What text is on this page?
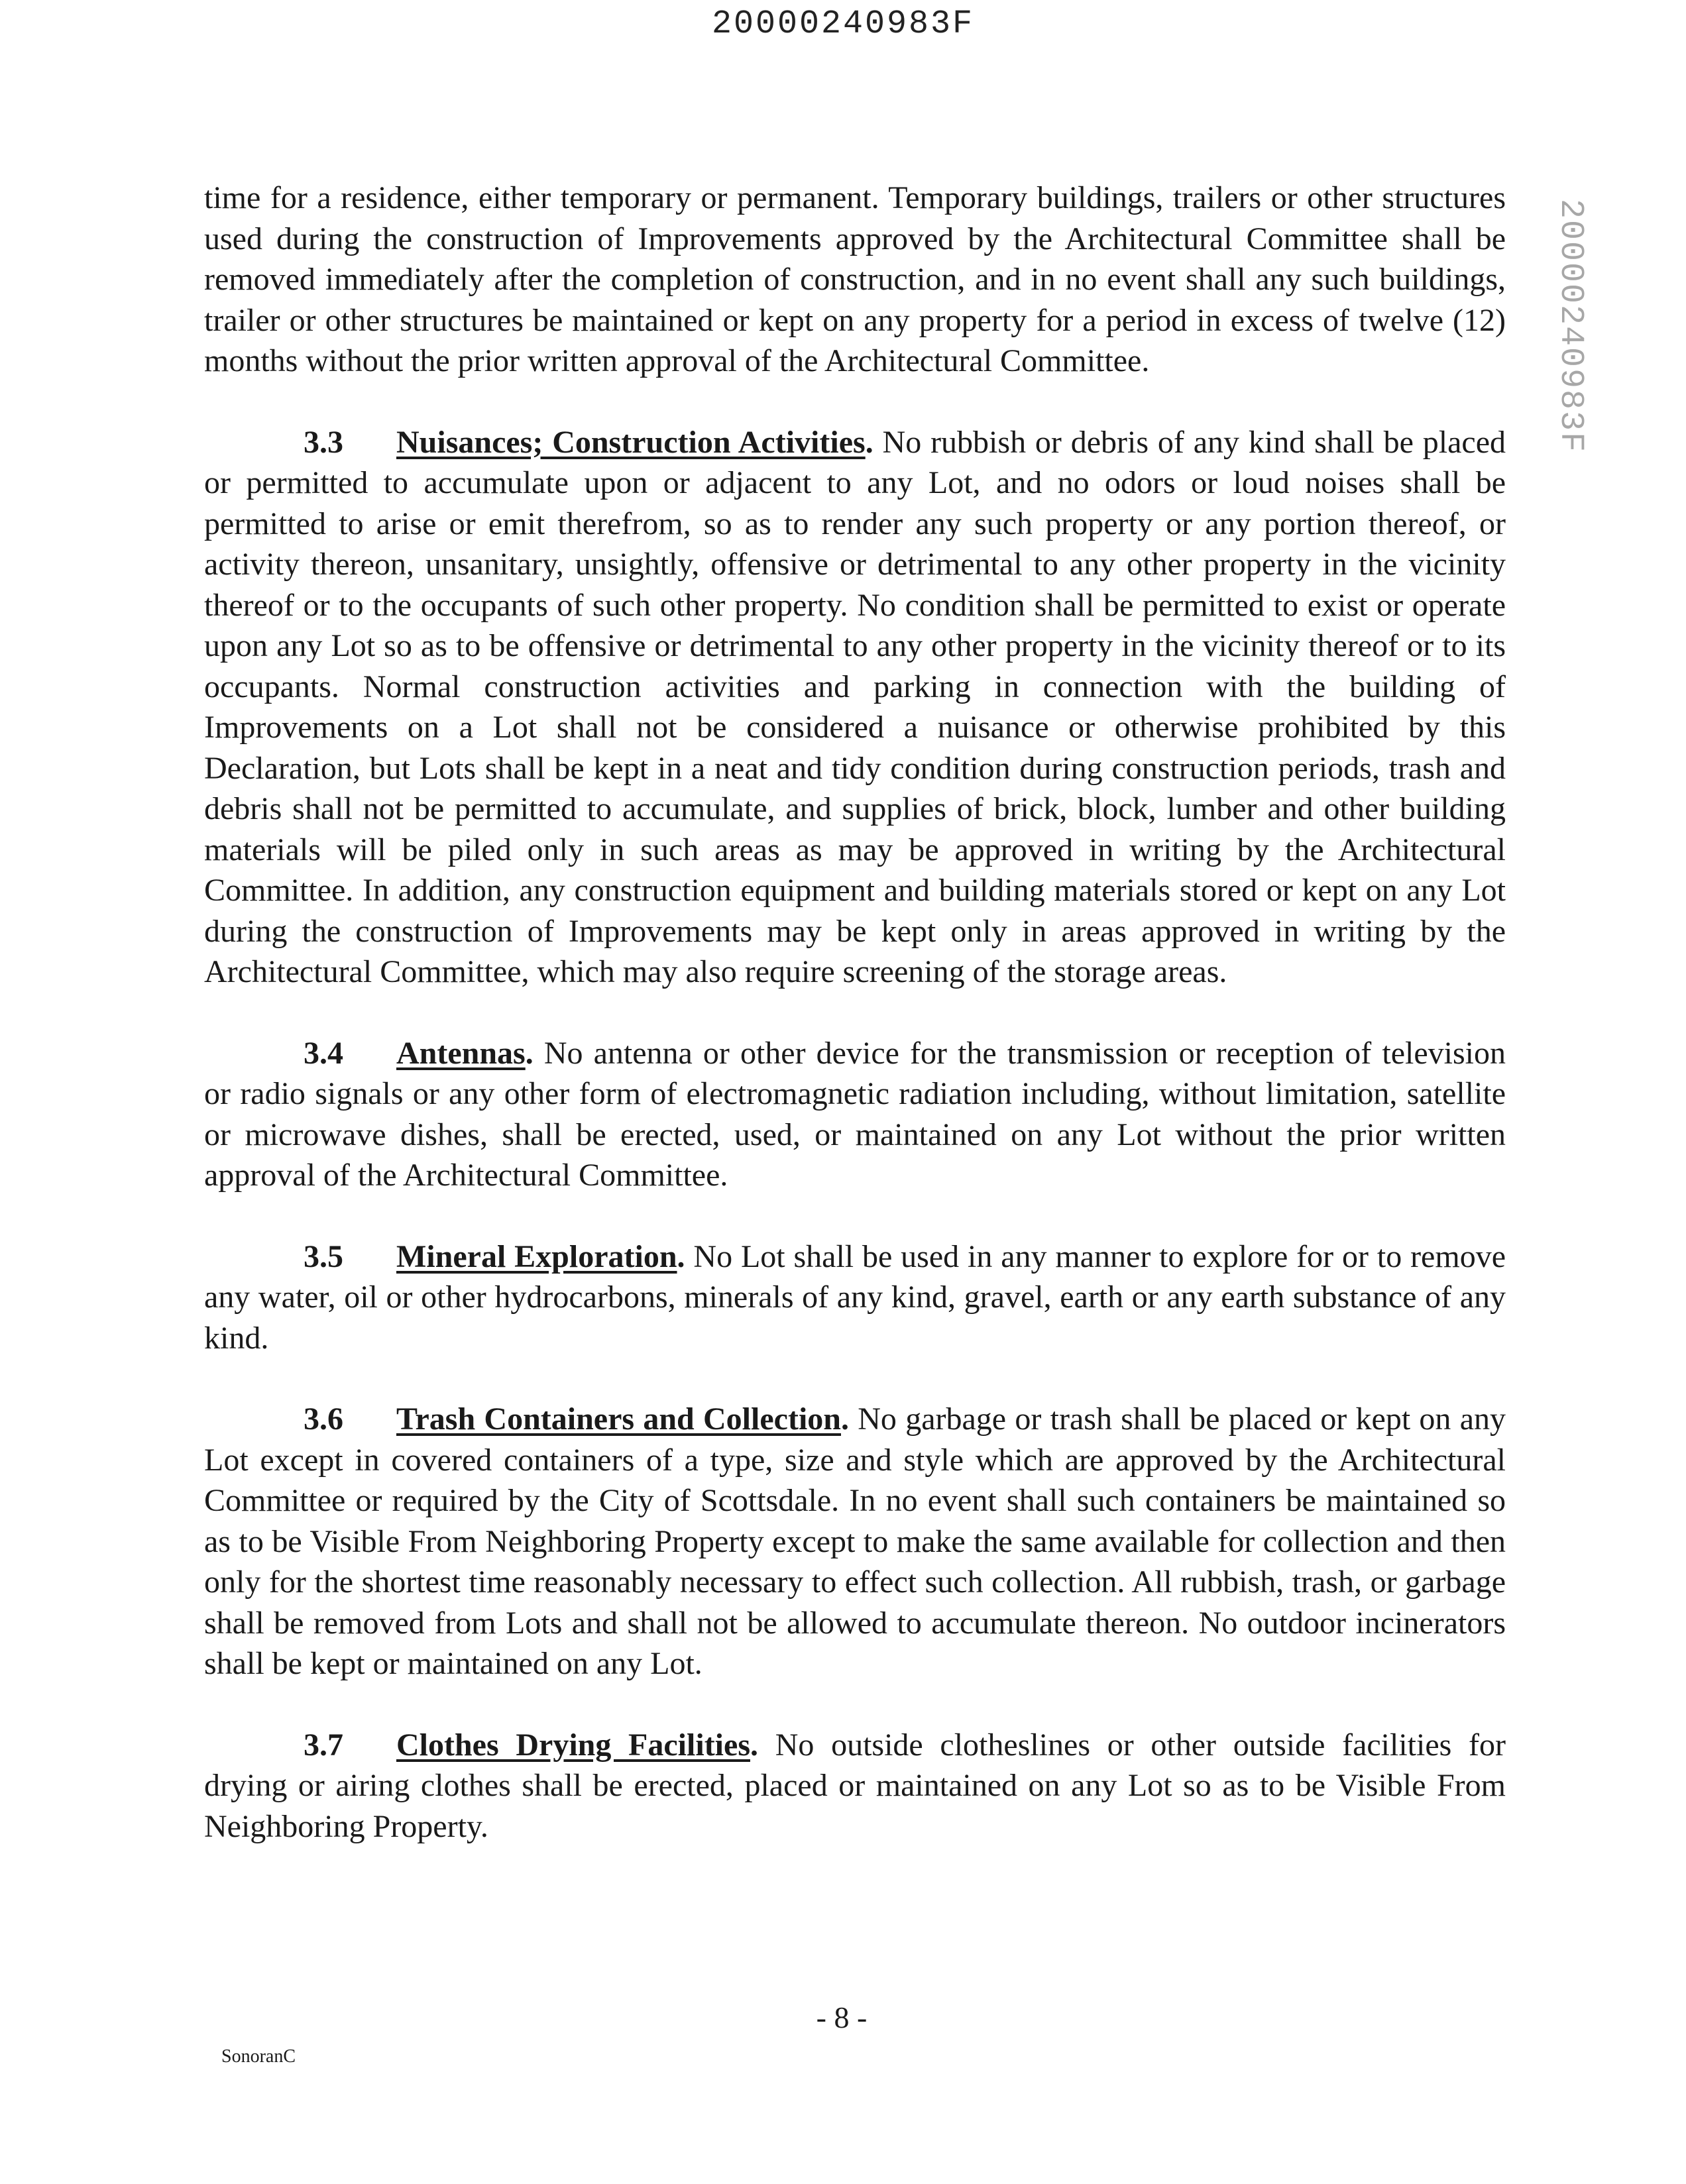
20000240983F
20000240983F

time for a residence, either temporary or permanent. Temporary buildings, trailers or other structures used during the construction of Improvements approved by the Architectural Committee shall be removed immediately after the completion of construction, and in no event shall any such buildings, trailer or other structures be maintained or kept on any property for a period in excess of twelve (12) months without the prior written approval of the Architectural Committee.

3.3 Nuisances; Construction Activities. No rubbish or debris of any kind shall be placed or permitted to accumulate upon or adjacent to any Lot, and no odors or loud noises shall be permitted to arise or emit therefrom, so as to render any such property or any portion thereof, or activity thereon, unsanitary, unsightly, offensive or detrimental to any other property in the vicinity thereof or to the occupants of such other property. No condition shall be permitted to exist or operate upon any Lot so as to be offensive or detrimental to any other property in the vicinity thereof or to its occupants. Normal construction activities and parking in connection with the building of Improvements on a Lot shall not be considered a nuisance or otherwise prohibited by this Declaration, but Lots shall be kept in a neat and tidy condition during construction periods, trash and debris shall not be permitted to accumulate, and supplies of brick, block, lumber and other building materials will be piled only in such areas as may be approved in writing by the Architectural Committee. In addition, any construction equipment and building materials stored or kept on any Lot during the construction of Improvements may be kept only in areas approved in writing by the Architectural Committee, which may also require screening of the storage areas.

3.4 Antennas. No antenna or other device for the transmission or reception of television or radio signals or any other form of electromagnetic radiation including, without limitation, satellite or microwave dishes, shall be erected, used, or maintained on any Lot without the prior written approval of the Architectural Committee.

3.5 Mineral Exploration. No Lot shall be used in any manner to explore for or to remove any water, oil or other hydrocarbons, minerals of any kind, gravel, earth or any earth substance of any kind.

3.6 Trash Containers and Collection. No garbage or trash shall be placed or kept on any Lot except in covered containers of a type, size and style which are approved by the Architectural Committee or required by the City of Scottsdale. In no event shall such containers be maintained so as to be Visible From Neighboring Property except to make the same available for collection and then only for the shortest time reasonably necessary to effect such collection. All rubbish, trash, or garbage shall be removed from Lots and shall not be allowed to accumulate thereon. No outdoor incinerators shall be kept or maintained on any Lot.

3.7 Clothes Drying Facilities. No outside clotheslines or other outside facilities for drying or airing clothes shall be erected, placed or maintained on any Lot so as to be Visible From Neighboring Property.

- 8 -
SonoranC
